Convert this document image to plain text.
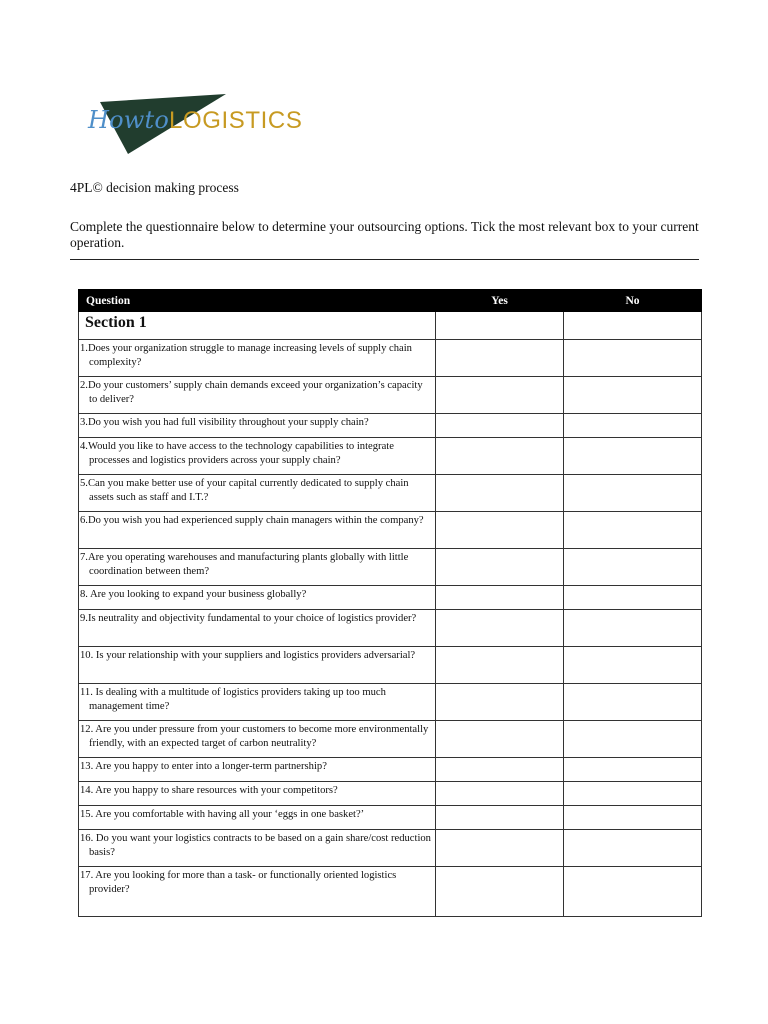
HowtoLOGISTICS
4PL© decision making process
Complete the questionnaire below to determine your outsourcing options. Tick the most relevant box to your current operation.
Question	Yes	No
Section 1		

1.Does your organization struggle to manage increasing levels of supply chain complexity?		

2.Do your customers’ supply chain demands exceed your organization’s capacity to deliver?		

3.Do you wish you had full visibility throughout your supply chain?		

4.Would you like to have access to the technology capabilities to integrate processes and logistics providers across your supply chain?		

5.Can you make better use of your capital currently dedicated to supply chain assets such as staff and I.T.?		

6.Do you wish you had experienced supply chain managers within the company?		

7.Are you operating warehouses and manufacturing plants globally with little coordination between them?		

8. Are you looking to expand your business globally?		

9.Is neutrality and objectivity fundamental to your choice of logistics provider?		

10. Is your relationship with your suppliers and logistics providers adversarial?		

11. Is dealing with a multitude of logistics providers taking up too much management time?		

12. Are you under pressure from your customers to become more environmentally friendly, with an expected target of carbon neutrality?		

13. Are you happy to enter into a longer-term partnership?		

14. Are you happy to share resources with your competitors?		

15. Are you comfortable with having all your ‘eggs in one basket?’		

16. Do you want your logistics contracts to be based on a gain share/cost reduction basis?		

17. Are you looking for more than a task- or functionally oriented logistics provider?		
